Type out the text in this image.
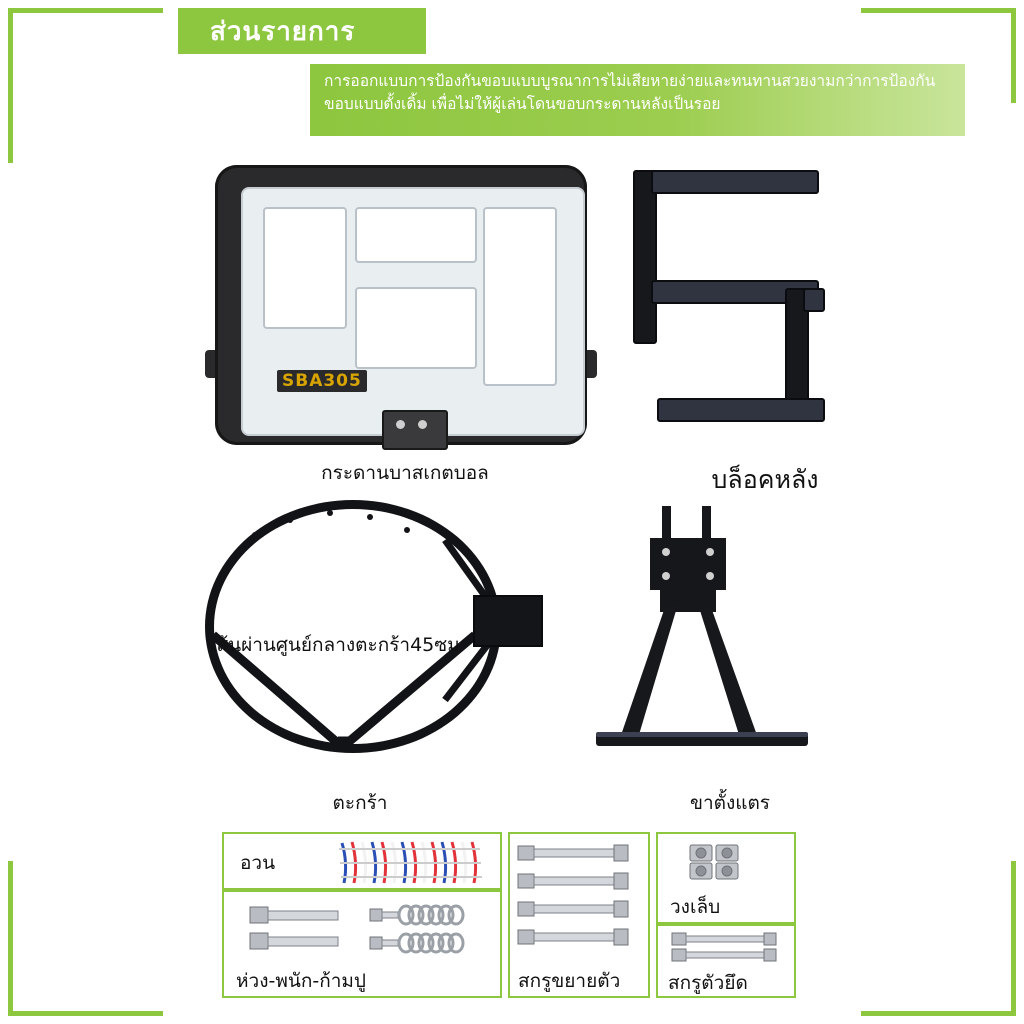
ส่วนรายการ
การออกแบบการป้องกันขอบแบบบูรณาการไม่เสียหายง่ายและทนทานสวยงามกว่าการป้องกันขอบแบบตั้งเดิ้ม เพื่อไม่ให้ผู้เล่นโดนขอบกระดานหลังเป็นรอย
SBA305
กระดานบาสเกตบอล	บล็อคหลัง
เส้นผ่านศูนย์กลางตะกร้า45ซม
ตะกร้า	ขาตั้งแตร
อวน
ห่วง-พนัก-ก้ามปู	สกรูขยายตัว
วงเล็บ
สกรูตัวยึด
